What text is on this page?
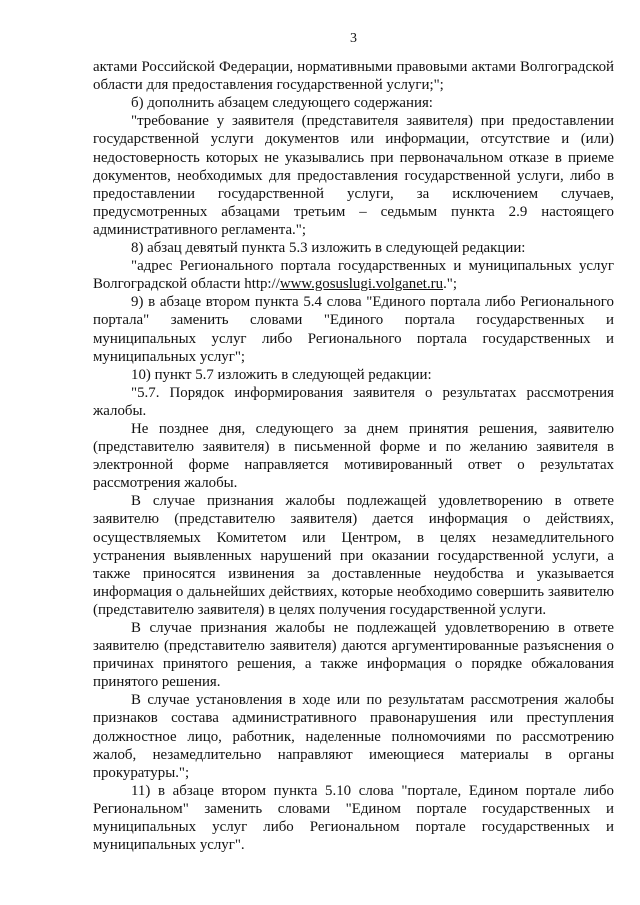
3

актами Российской Федерации, нормативными правовыми актами Волгоградской области для предоставления государственной услуги;";

б) дополнить абзацем следующего содержания:

"требование у заявителя (представителя заявителя) при предоставлении государственной услуги документов или информации, отсутствие и (или) недостоверность которых не указывались при первоначальном отказе в приеме документов, необходимых для предоставления государственной услуги, либо в предоставлении государственной услуги, за исключением случаев, предусмотренных абзацами третьим – седьмым пункта 2.9 настоящего административного регламента.";

8) абзац девятый пункта 5.3 изложить в следующей редакции:

"адрес Регионального портала государственных и муниципальных услуг Волгоградской области http://www.gosuslugi.volganet.ru.";

9) в абзаце втором пункта 5.4 слова "Единого портала либо Регионального портала" заменить словами "Единого портала государственных и муниципальных услуг либо Регионального портала государственных и муниципальных услуг";

10) пункт 5.7 изложить в следующей редакции:

"5.7. Порядок информирования заявителя о результатах рассмотрения жалобы.

Не позднее дня, следующего за днем принятия решения, заявителю (представителю заявителя) в письменной форме и по желанию заявителя в электронной форме направляется мотивированный ответ о результатах рассмотрения жалобы.

В случае признания жалобы подлежащей удовлетворению в ответе заявителю (представителю заявителя) дается информация о действиях, осуществляемых Комитетом или Центром, в целях незамедлительного устранения выявленных нарушений при оказании государственной услуги, а также приносятся извинения за доставленные неудобства и указывается информация о дальнейших действиях, которые необходимо совершить заявителю (представителю заявителя) в целях получения государственной услуги.

В случае признания жалобы не подлежащей удовлетворению в ответе заявителю (представителю заявителя) даются аргументированные разъяснения о причинах принятого решения, а также информация о порядке обжалования принятого решения.

В случае установления в ходе или по результатам рассмотрения жалобы признаков состава административного правонарушения или преступления должностное лицо, работник, наделенные полномочиями по рассмотрению жалоб, незамедлительно направляют имеющиеся материалы в органы прокуратуры.";

11) в абзаце втором пункта 5.10 слова "портале, Едином портале либо Региональном" заменить словами "Едином портале государственных и муниципальных услуг либо Региональном портале государственных и муниципальных услуг".
